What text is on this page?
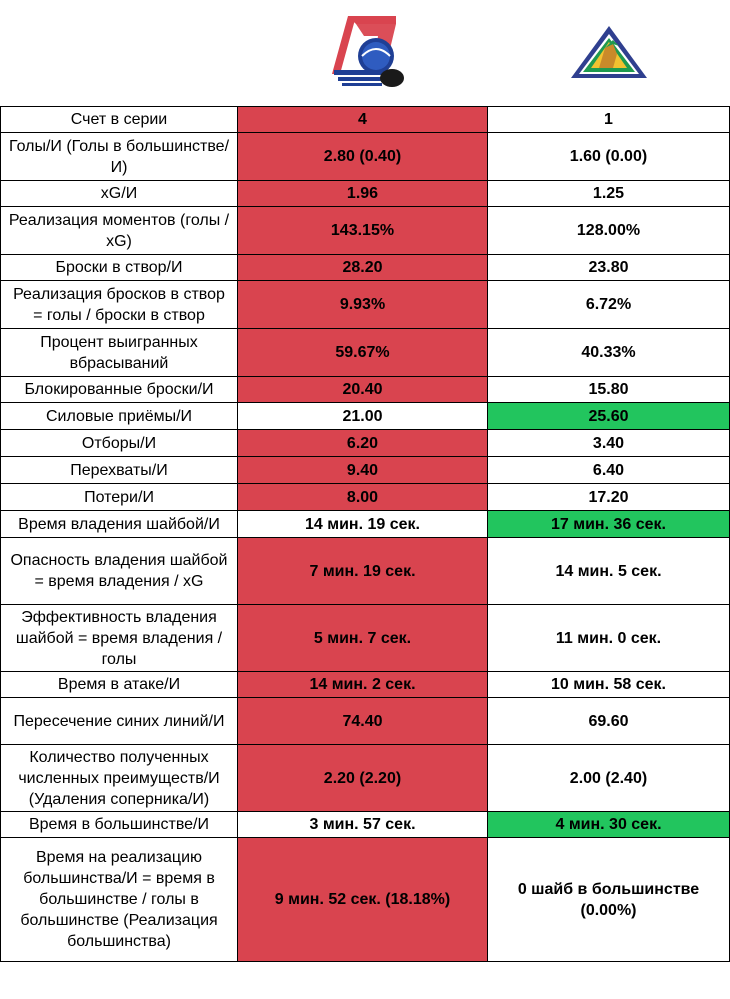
Счет в серии	4	1
Голы/И (Голы в большинстве/И)	2.80 (0.40)	1.60 (0.00)
xG/И	1.96	1.25
Реализация моментов (голы / xG)	143.15%	128.00%
Броски в створ/И	28.20	23.80
Реализация бросков в створ = голы / броски в створ	9.93%	6.72%
Процент выигранных вбрасываний	59.67%	40.33%
Блокированные броски/И	20.40	15.80
Силовые приёмы/И	21.00	25.60
Отборы/И	6.20	3.40
Перехваты/И	9.40	6.40
Потери/И	8.00	17.20
Время владения шайбой/И	14 мин. 19 сек.	17 мин. 36 сек.
Опасность владения шайбой = время владения / xG	7 мин. 19 сек.	14 мин. 5 сек.
Эффективность владения шайбой = время владения / голы	5 мин. 7 сек.	11 мин. 0 сек.
Время в атаке/И	14 мин. 2 сек.	10 мин. 58 сек.
Пересечение синих линий/И	74.40	69.60
Количество полученных численных преимуществ/И (Удаления соперника/И)	2.20 (2.20)	2.00 (2.40)
Время в большинстве/И	3 мин. 57 сек.	4 мин. 30 сек.
Время на реализацию большинства/И = время в большинстве / голы в большинстве (Реализация большинства)	9 мин. 52 сек. (18.18%)	0 шайб в большинстве (0.00%)
